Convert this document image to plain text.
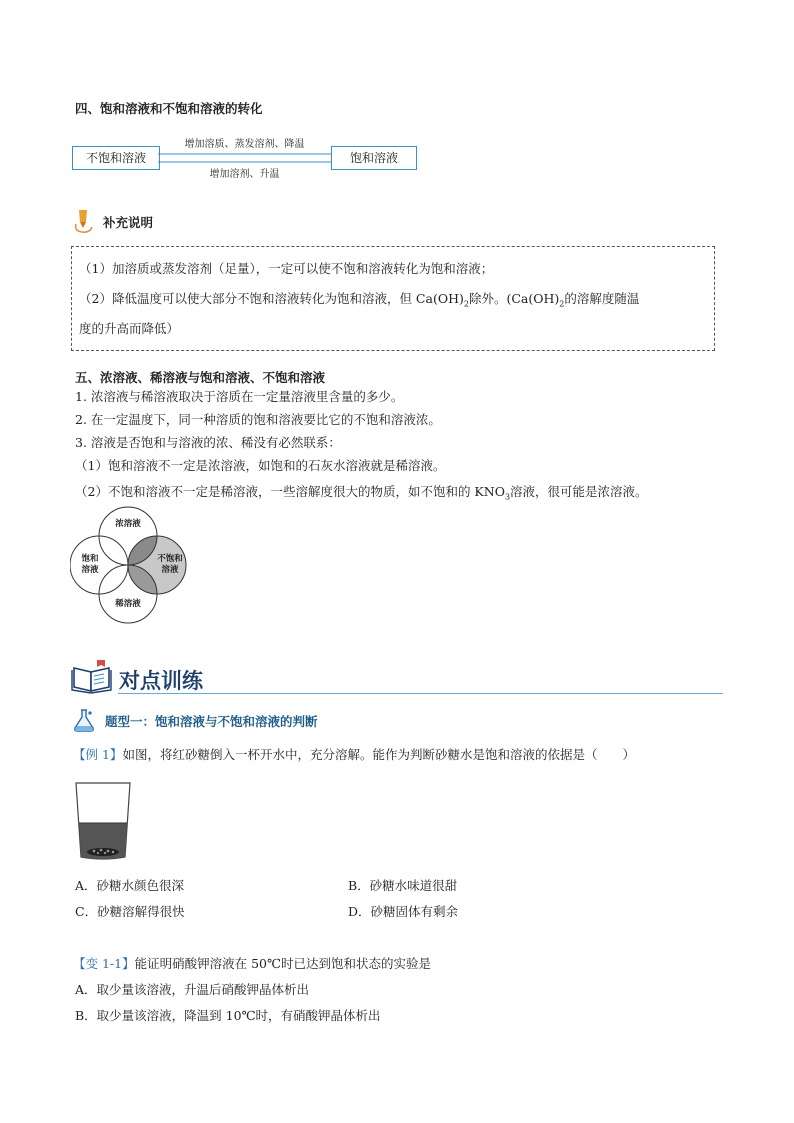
四、饱和溶液和不饱和溶液的转化
不饱和溶液	饱和溶液
增加溶质、蒸发溶剂、降温
增加溶剂、升温
补充说明
（1）加溶质或蒸发溶剂（足量），一定可以使不饱和溶液转化为饱和溶液；
（2）降低温度可以使大部分不饱和溶液转化为饱和溶液，但 $Ca(OH)_2$除外。($Ca(OH)_2$的溶解度随温
度的升高而降低）
五、浓溶液、稀溶液与饱和溶液、不饱和溶液
1. 浓溶液与稀溶液取决于溶质在一定量溶液里含量的多少。
2. 在一定温度下，同一种溶质的饱和溶液要比它的不饱和溶液浓。
3. 溶液是否饱和与溶液的浓、稀没有必然联系：
（1）饱和溶液不一定是浓溶液，如饱和的石灰水溶液就是稀溶液。
（2）不饱和溶液不一定是稀溶液，一些溶解度很大的物质，如不饱和的 $KNO_3$溶液，很可能是浓溶液。
浓溶液
饱和
溶液
不饱和
溶液
稀溶液
对点训练
题型一：饱和溶液与不饱和溶液的判断
【例 1】如图，将红砂糖倒入一杯开水中，充分溶解。能作为判断砂糖水是饱和溶液的依据是（　　）
A．砂糖水颜色很深	B．砂糖水味道很甜
C．砂糖溶解得很快	D．砂糖固体有剩余
【变 1-1】能证明硝酸钾溶液在 50℃时已达到饱和状态的实验是
A．取少量该溶液，升温后硝酸钾晶体析出
B．取少量该溶液，降温到 10℃时，有硝酸钾晶体析出
